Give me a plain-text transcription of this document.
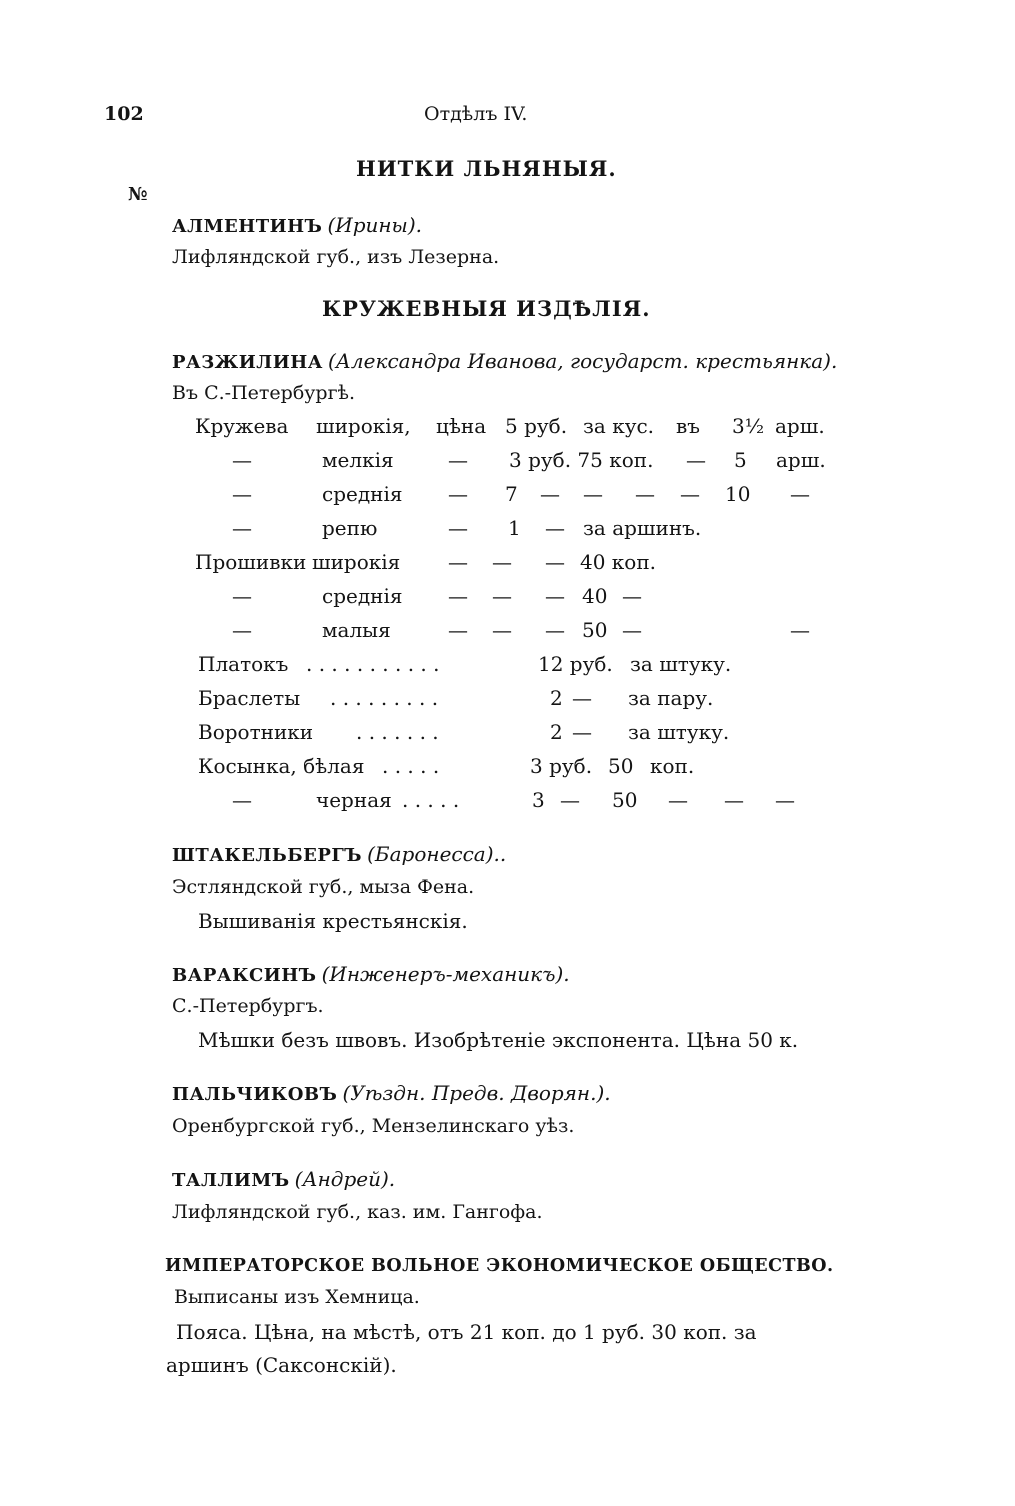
102	Отдѣлъ IV.
НИТКИ ЛЬНЯНЫЯ.
№
АЛМЕНТИНЪ (Ирины).
Лифляндской губ., изъ Лезерна.
КРУЖЕВНЫЯ ИЗДѢЛІЯ.
РАЗЖИЛИНА (Александра Иванова, государст. крестьянка).
Въ С.-Петербургѣ.
Кружева широкія, цѣна 5 руб. за кус. въ 3½ арш.
—	мелкія	— 3 руб. 75 коп. — 5 арш.
—	среднія — 7 — — — — 10 —
—	репю	— 1 — за аршинъ.
Прошивки широкія — — — 40 коп.
—	среднія — — — 40 —
—	малыя	— — — 50 —	—
Платокъ . . . . . . . . . . .	12 руб. за штуку.
Браслеты . . . . . . . . .	2 — за пару.
Воротники . . . . . . .	2 — за штуку.
Косынка, бѣлая . . . . .	3 руб. 50 коп.
—	черная . . . . .	3 — 50 — — —
ШТАКЕЛЬБЕРГЪ (Баронесса)..
Эстляндской губ., мыза Фена.
Вышиванія крестьянскія.
ВАРАКСИНЪ (Инженеръ-механикъ).
С.-Петербургъ.
Мѣшки безъ швовъ. Изобрѣтеніе экспонента. Цѣна 50 к.
ПАЛЬЧИКОВЪ (Уѣздн. Предв. Дворян.).
Оренбургской губ., Мензелинскаго уѣз.
ТАЛЛИМЪ (Андрей).
Лифляндской губ., каз. им. Гангофа.
ИМПЕРАТОРСКОЕ ВОЛЬНОЕ ЭКОНОМИЧЕСКОЕ ОБЩЕСТВО.
Выписаны изъ Хемница.
Пояса. Цѣна, на мѣстѣ, отъ 21 коп. до 1 руб. 30 коп. за
аршинъ (Саксонскій).
